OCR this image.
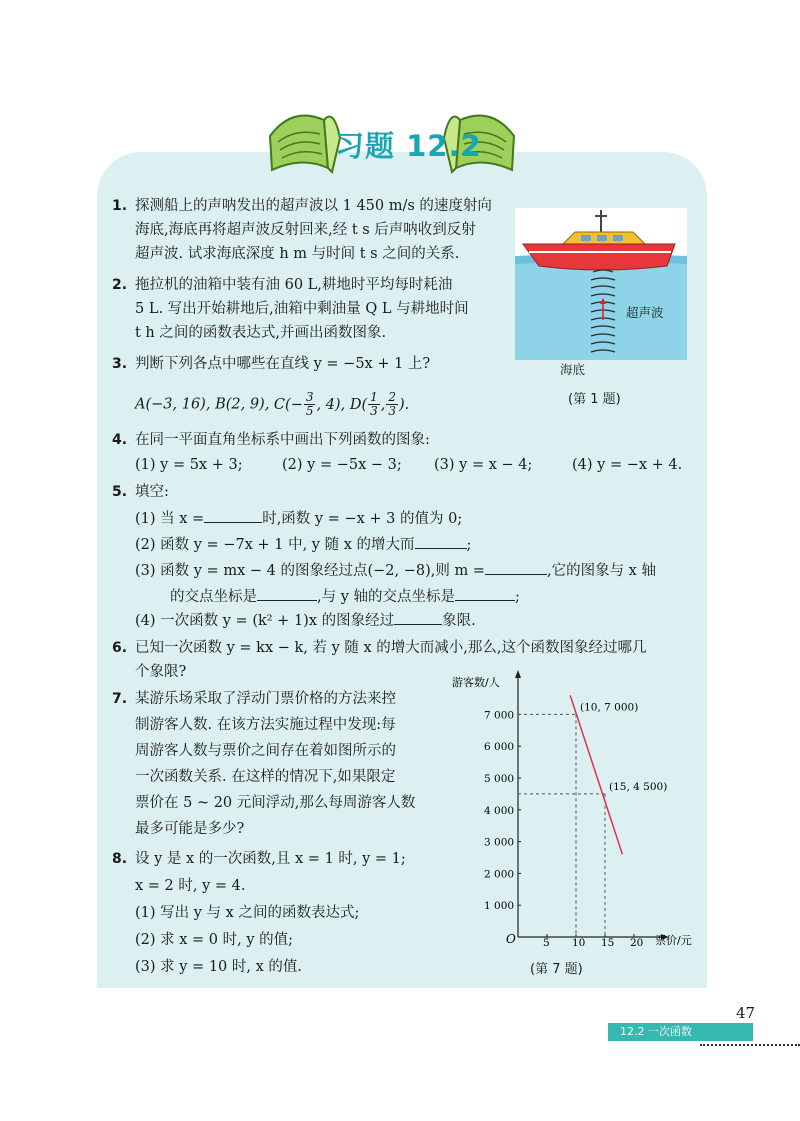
习题 12.2
1. 探测船上的声呐发出的超声波以 1 450 m/s 的速度射向
海底,海底再将超声波反射回来,经 t s 后声呐收到反射
超声波. 试求海底深度 h m 与时间 t s 之间的关系.
2. 拖拉机的油箱中装有油 60 L,耕地时平均每时耗油
5 L. 写出开始耕地后,油箱中剩油量 Q L 与耕地时间
t h 之间的函数表达式,并画出函数图象.
3. 判断下列各点中哪些在直线 y = −5x + 1 上?
A(−3, 16), B(2, 9), $C(- \frac{3}{5}$ , 4), $D( \frac{1}{3}$ , $\frac{2}{3}$ ).
4. 在同一平面直角坐标系中画出下列函数的图象:
(1) y = 5x + 3;	(2) y = −5x − 3; (3) y = x − 4;	(4) y = −x + 4.
5. 填空:
(1) 当 x =	时,函数 y = −x + 3 的值为 0;
(2) 函数 y = −7x + 1 中, y 随 x 的增大而	;
(3) 函数 y = mx − 4 的图象经过点(−2, −8),则 m =	,它的图象与 x 轴
的交点坐标是	,与 y 轴的交点坐标是	;
(4) 一次函数 y = (k² + 1)x 的图象经过	象限.
6. 已知一次函数 y = kx − k, 若 y 随 x 的增大而减小,那么,这个函数图象经过哪几
个象限?
7. 某游乐场采取了浮动门票价格的方法来控
制游客人数. 在该方法实施过程中发现:每
周游客人数与票价之间存在着如图所示的
一次函数关系. 在这样的情况下,如果限定
票价在 5 ~ 20 元间浮动,那么每周游客人数
最多可能是多少?
8. 设 y 是 x 的一次函数,且 x = 1 时, y = 1;
x = 2 时, y = 4.
(1) 写出 y 与 x 之间的函数表达式;
(2) 求 x = 0 时, y 的值;
(3) 求 y = 10 时, x 的值.
超声波
海底
(第 1 题)
O
游客数/人
票价/元
5 10 15 20
1 000
2 000
3 000
4 000
5 000
6 000
7 000
(10, 7 000)
(15, 4 500)
(第 7 题)
47
12.2 一次函数
